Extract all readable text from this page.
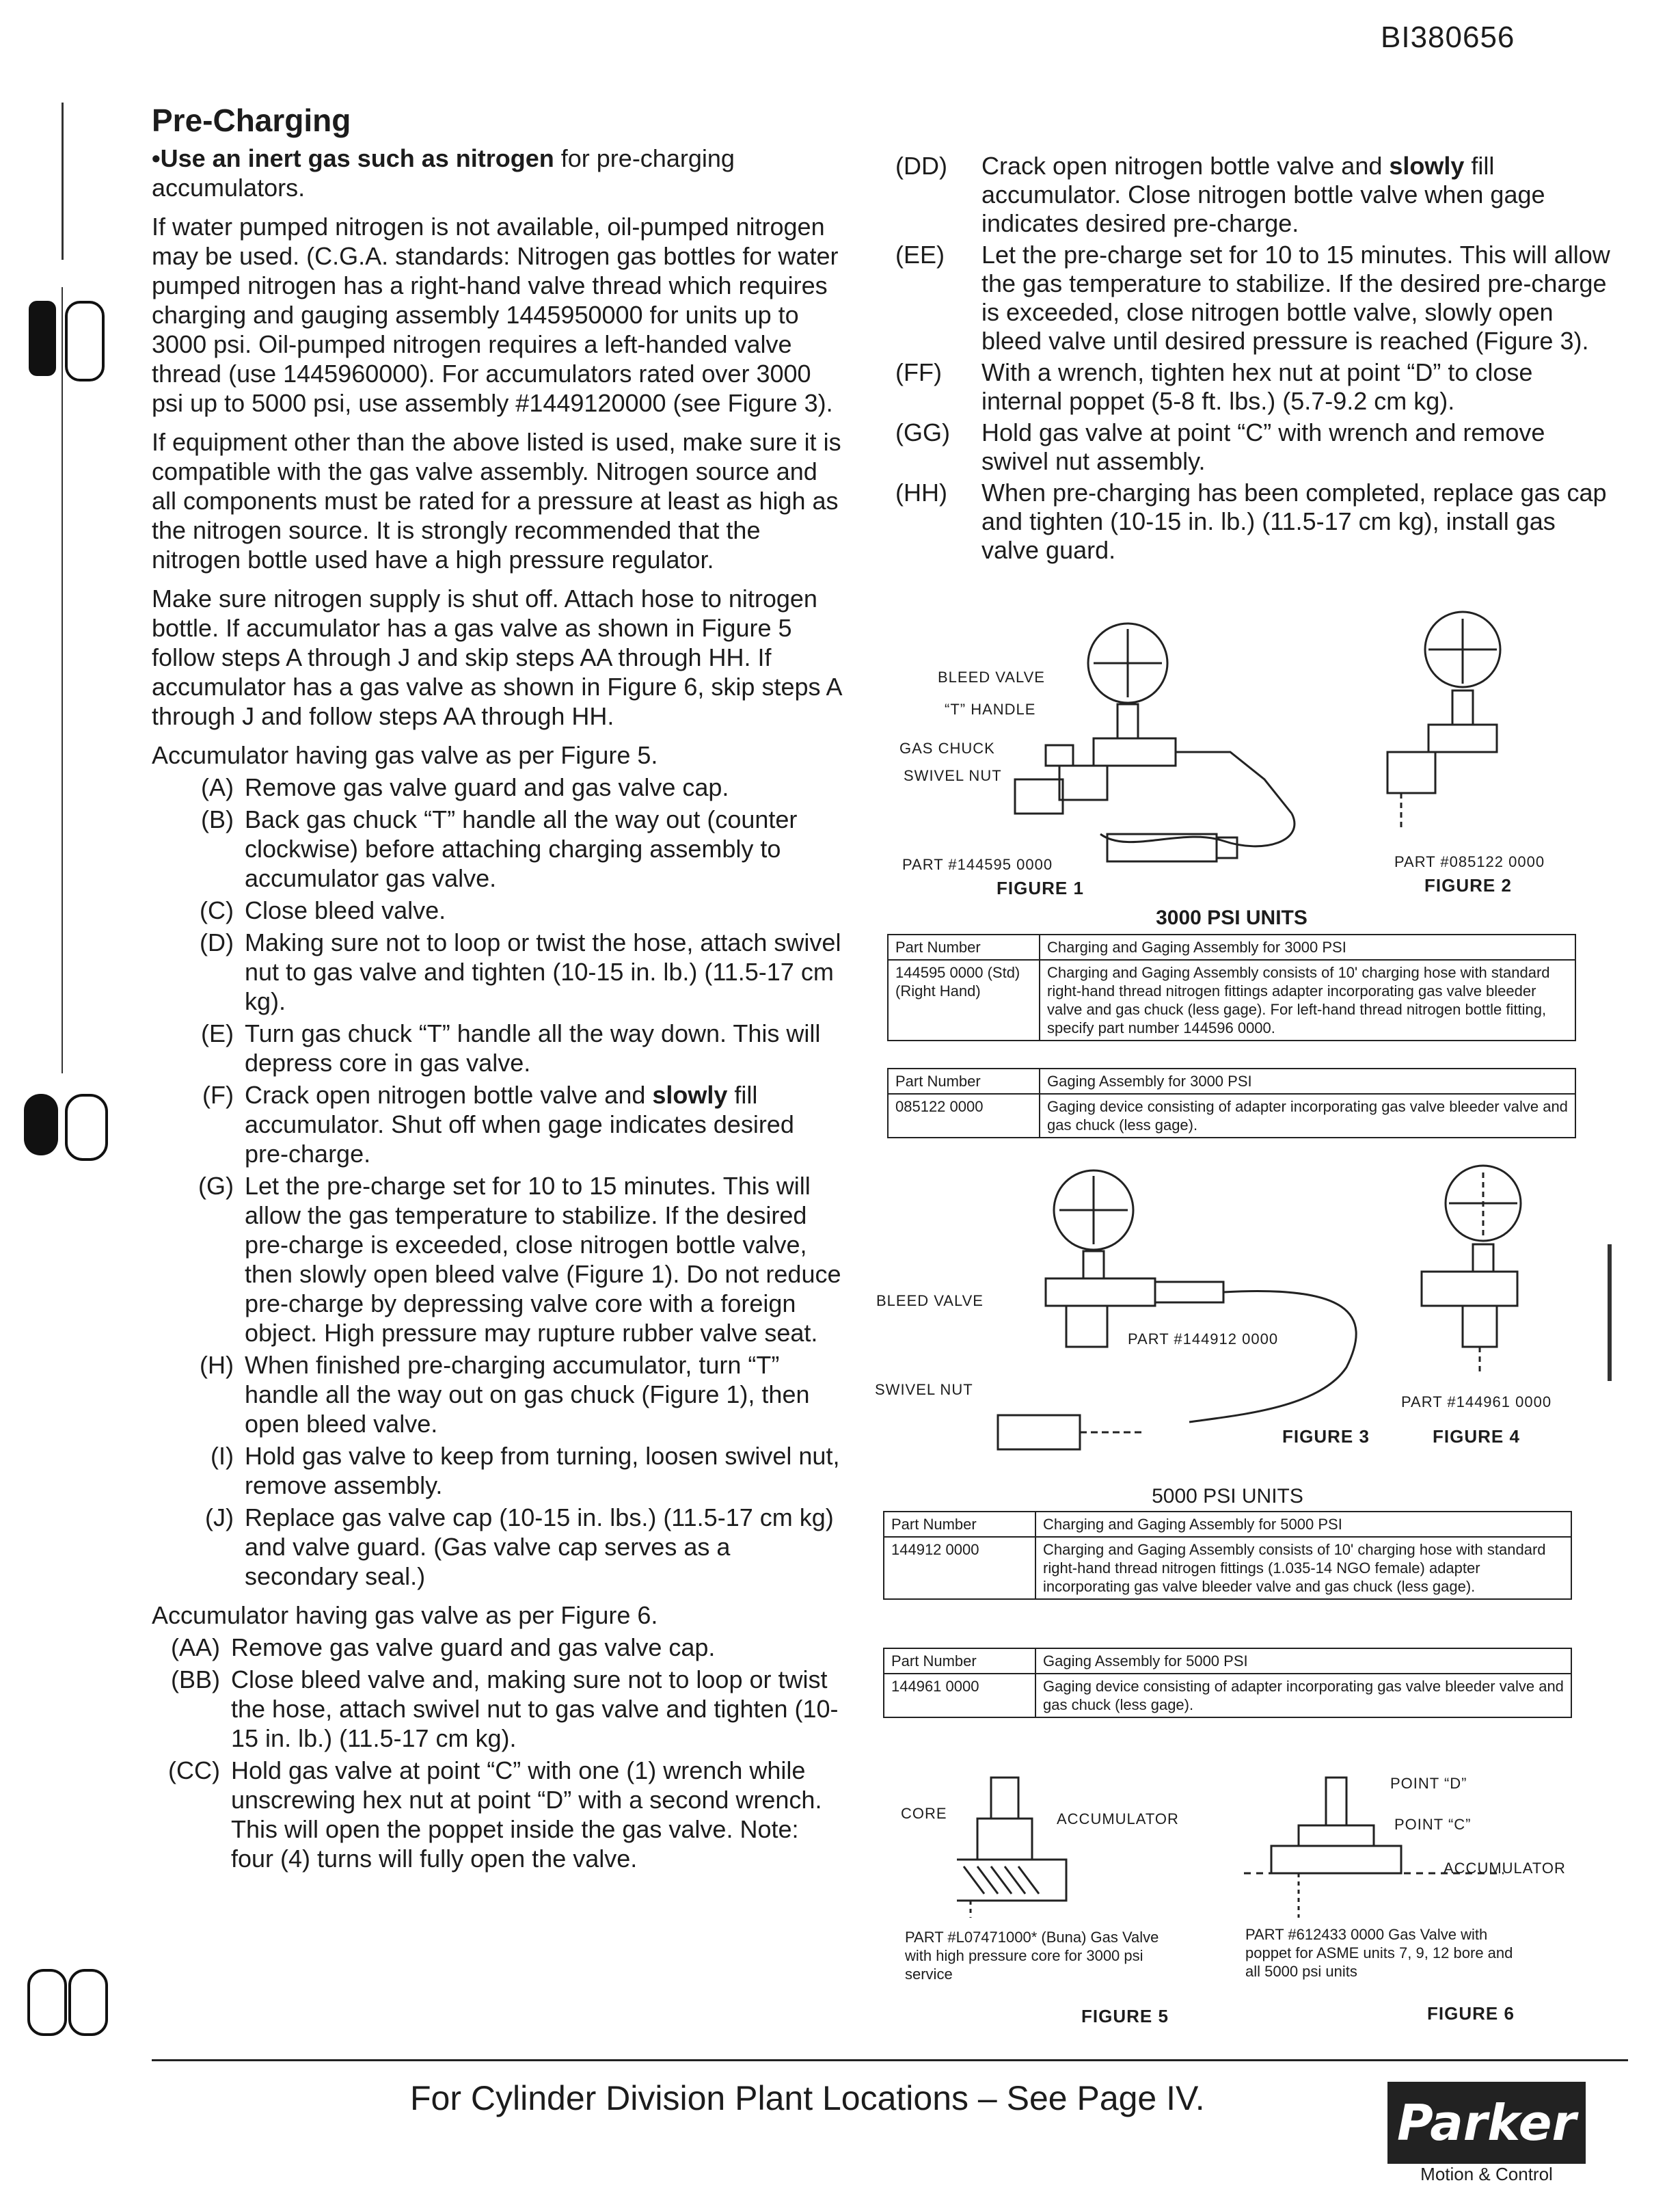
BI380656
Pre-Charging

•Use an inert gas such as nitrogen for pre-charging accumulators.

If water pumped nitrogen is not available, oil-pumped nitrogen may be used. (C.G.A. standards: Nitrogen gas bottles for water pumped nitrogen has a right-hand valve thread which requires charging and gauging assembly 1445950000 for units up to 3000 psi. Oil-pumped nitrogen requires a left-handed valve thread (use 1445960000). For accumulators rated over 3000 psi up to 5000 psi, use assembly #1449120000 (see Figure 3).

If equipment other than the above listed is used, make sure it is compatible with the gas valve assembly. Nitrogen source and all components must be rated for a pressure at least as high as the nitrogen source. It is strongly recommended that the nitrogen bottle used have a high pressure regulator.

Make sure nitrogen supply is shut off. Attach hose to nitrogen bottle. If accumulator has a gas valve as shown in Figure 5 follow steps A through J and skip steps AA through HH. If accumulator has a gas valve as shown in Figure 6, skip steps A through J and follow steps AA through HH.

Accumulator having gas valve as per Figure 5.

(A) Remove gas valve guard and gas valve cap.
(B) Back gas chuck “T” handle all the way out (counter clockwise) before attaching charging assembly to accumulator gas valve.
(C) Close bleed valve.
(D) Making sure not to loop or twist the hose, attach swivel nut to gas valve and tighten (10-15 in. lb.) (11.5-17 cm kg).
(E) Turn gas chuck “T” handle all the way down. This will depress core in gas valve.
(F) Crack open nitrogen bottle valve and slowly fill accumulator. Shut off when gage indicates desired pre-charge.
(G) Let the pre-charge set for 10 to 15 minutes. This will allow the gas temperature to stabilize. If the desired pre-charge is exceeded, close nitrogen bottle valve, then slowly open bleed valve (Figure 1). Do not reduce pre-charge by depressing valve core with a foreign object. High pressure may rupture rubber valve seat.
(H) When finished pre-charging accumulator, turn “T” handle all the way out on gas chuck (Figure 1), then open bleed valve.
(I) Hold gas valve to keep from turning, loosen swivel nut, remove assembly.
(J) Replace gas valve cap (10-15 in. lbs.) (11.5-17 cm kg) and valve guard. (Gas valve cap serves as a secondary seal.)

Accumulator having gas valve as per Figure 6.

(AA) Remove gas valve guard and gas valve cap.
(BB) Close bleed valve and, making sure not to loop or twist the hose, attach swivel nut to gas valve and tighten (10-15 in. lb.) (11.5-17 cm kg).
(CC) Hold gas valve at point “C” with one (1) wrench while unscrewing hex nut at point “D” with a second wrench. This will open the poppet inside the gas valve. Note: four (4) turns will fully open the valve.
(DD)	Crack open nitrogen bottle valve and slowly fill accumulator. Close nitrogen bottle valve when gage indicates desired pre-charge.
(EE)	Let the pre-charge set for 10 to 15 minutes. This will allow the gas temperature to stabilize. If the desired pre-charge is exceeded, close nitrogen bottle valve, slowly open bleed valve until desired pressure is reached (Figure 3).
(FF)	With a wrench, tighten hex nut at point “D” to close internal poppet (5-8 ft. lbs.) (5.7-9.2 cm kg).
(GG)	Hold gas valve at point “C” with wrench and remove swivel nut assembly.
(HH)	When pre-charging has been completed, replace gas cap and tighten (10-15 in. lb.) (11.5-17 cm kg), install gas valve guard.
BLEED VALVE
“T” HANDLE
GAS CHUCK
SWIVEL NUT
PART #144595 0000
FIGURE 1
PART #085122 0000
FIGURE 2
3000 PSI UNITS
Part Number	Charging and Gaging Assembly for 3000 PSI
144595 0000 (Std) (Right Hand)	Charging and Gaging Assembly consists of 10' charging hose with standard right-hand thread nitrogen fittings adapter incorporating gas valve bleeder valve and gas chuck (less gage). For left-hand thread nitrogen bottle fitting, specify part number 144596 0000.
Part Number	Gaging Assembly for 3000 PSI
085122 0000	Gaging device consisting of adapter incorporating gas valve bleeder valve and gas chuck (less gage).
BLEED VALVE
PART #144912 0000
SWIVEL NUT
FIGURE 3
PART #144961 0000
FIGURE 4
5000 PSI UNITS
Part Number	Charging and Gaging Assembly for 5000 PSI
144912 0000	Charging and Gaging Assembly consists of 10' charging hose with standard right-hand thread nitrogen fittings (1.035-14 NGO female) adapter incorporating gas valve bleeder valve and gas chuck (less gage).
Part Number	Gaging Assembly for 5000 PSI
144961 0000	Gaging device consisting of adapter incorporating gas valve bleeder valve and gas chuck (less gage).
CORE	ACCUMULATOR
PART #L07471000* (Buna) Gas Valve with high pressure core for 3000 psi service
FIGURE 5
POINT “D”
POINT “C”
ACCUMULATOR
PART #612433 0000 Gas Valve with poppet for ASME units 7, 9, 12 bore and all 5000 psi units
FIGURE 6
For Cylinder Division Plant Locations – See Page IV.	Parker
Motion & Control
